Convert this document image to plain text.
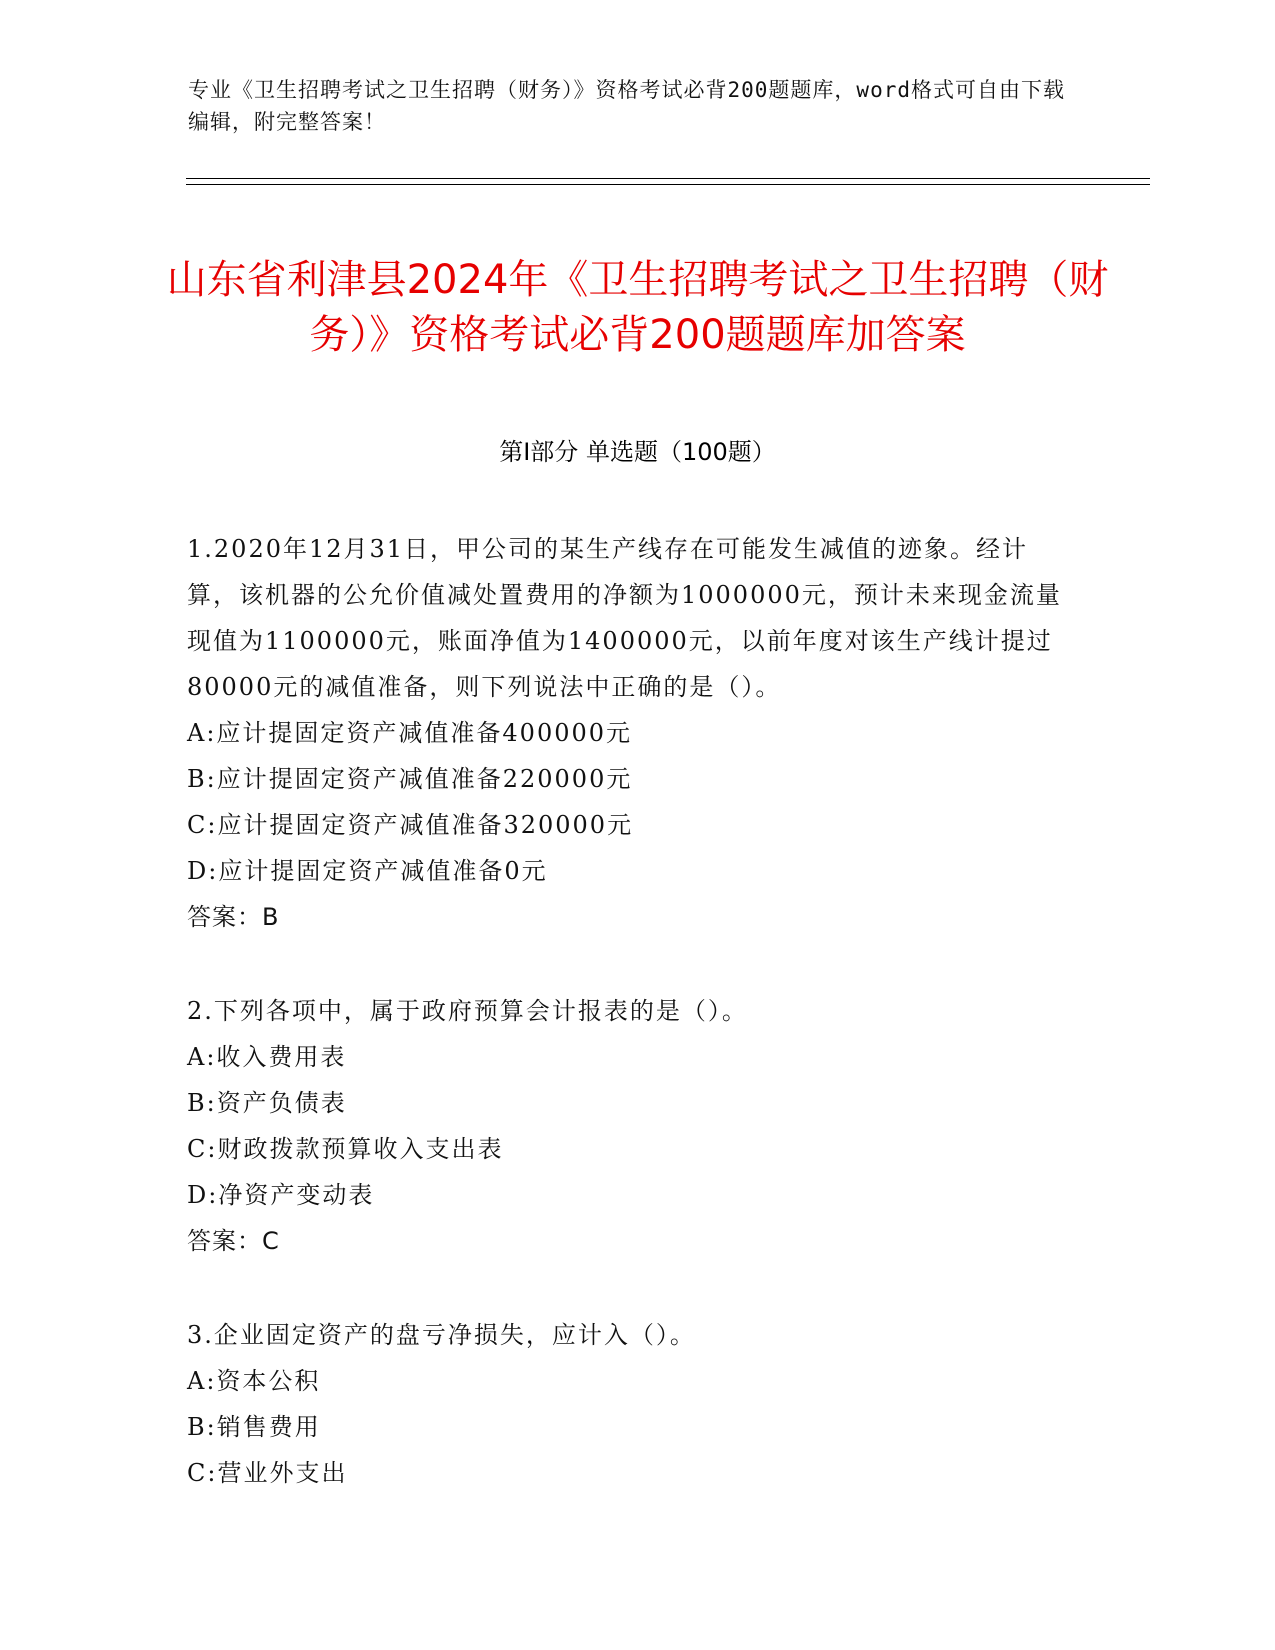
专业《卫生招聘考试之卫生招聘（财务）》资格考试必背200题题库，word格式可自由下载编辑，附完整答案！
山东省利津县2024年《卫生招聘考试之卫生招聘（财务）》资格考试必背200题题库加答案
第Ⅰ部分 单选题（100题）
1.2020年12月31日，甲公司的某生产线存在可能发生减值的迹象。经计算，该机器的公允价值减处置费用的净额为1000000元，预计未来现金流量现值为1100000元，账面净值为1400000元，以前年度对该生产线计提过80000元的减值准备，则下列说法中正确的是（）。
A:应计提固定资产减值准备400000元
B:应计提固定资产减值准备220000元
C:应计提固定资产减值准备320000元
D:应计提固定资产减值准备0元
答案：B
2.下列各项中，属于政府预算会计报表的是（）。
A:收入费用表
B:资产负债表
C:财政拨款预算收入支出表
D:净资产变动表
答案：C
3.企业固定资产的盘亏净损失，应计入（）。
A:资本公积
B:销售费用
C:营业外支出
